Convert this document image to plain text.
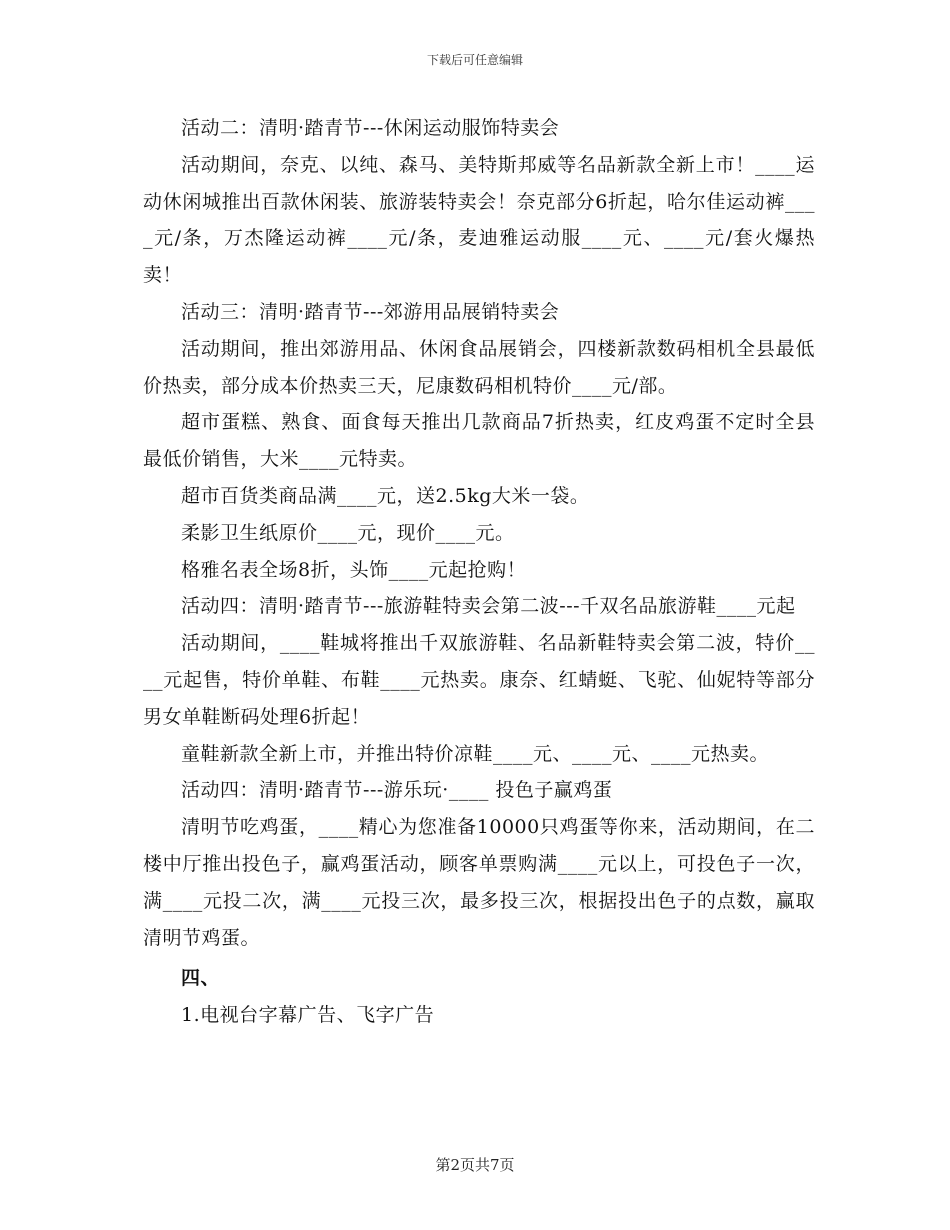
下载后可任意编辑

活动二：清明·踏青节---休闲运动服饰特卖会

活动期间，奈克、以纯、森马、美特斯邦威等名品新款全新上市！____运动休闲城推出百款休闲装、旅游装特卖会！奈克部分6折起，哈尔佳运动裤____元/条，万杰隆运动裤____元/条，麦迪雅运动服____元、____元/套火爆热卖！

活动三：清明·踏青节---郊游用品展销特卖会

活动期间，推出郊游用品、休闲食品展销会，四楼新款数码相机全县最低价热卖，部分成本价热卖三天，尼康数码相机特价____元/部。

超市蛋糕、熟食、面食每天推出几款商品7折热卖，红皮鸡蛋不定时全县最低价销售，大米____元特卖。

超市百货类商品满____元，送2.5kg大米一袋。

柔影卫生纸原价____元，现价____元。

格雅名表全场8折，头饰____元起抢购！

活动四：清明·踏青节---旅游鞋特卖会第二波---千双名品旅游鞋____元起

活动期间，____鞋城将推出千双旅游鞋、名品新鞋特卖会第二波，特价____元起售，特价单鞋、布鞋____元热卖。康奈、红蜻蜓、飞驼、仙妮特等部分男女单鞋断码处理6折起！

童鞋新款全新上市，并推出特价凉鞋____元、____元、____元热卖。

活动四：清明·踏青节---游乐玩·____ 投色子赢鸡蛋

清明节吃鸡蛋，____精心为您准备10000只鸡蛋等你来，活动期间，在二楼中厅推出投色子，赢鸡蛋活动，顾客单票购满____元以上，可投色子一次，满____元投二次，满____元投三次，最多投三次，根据投出色子的点数，赢取清明节鸡蛋。

四、

1.电视台字幕广告、飞字广告

第2页共7页
